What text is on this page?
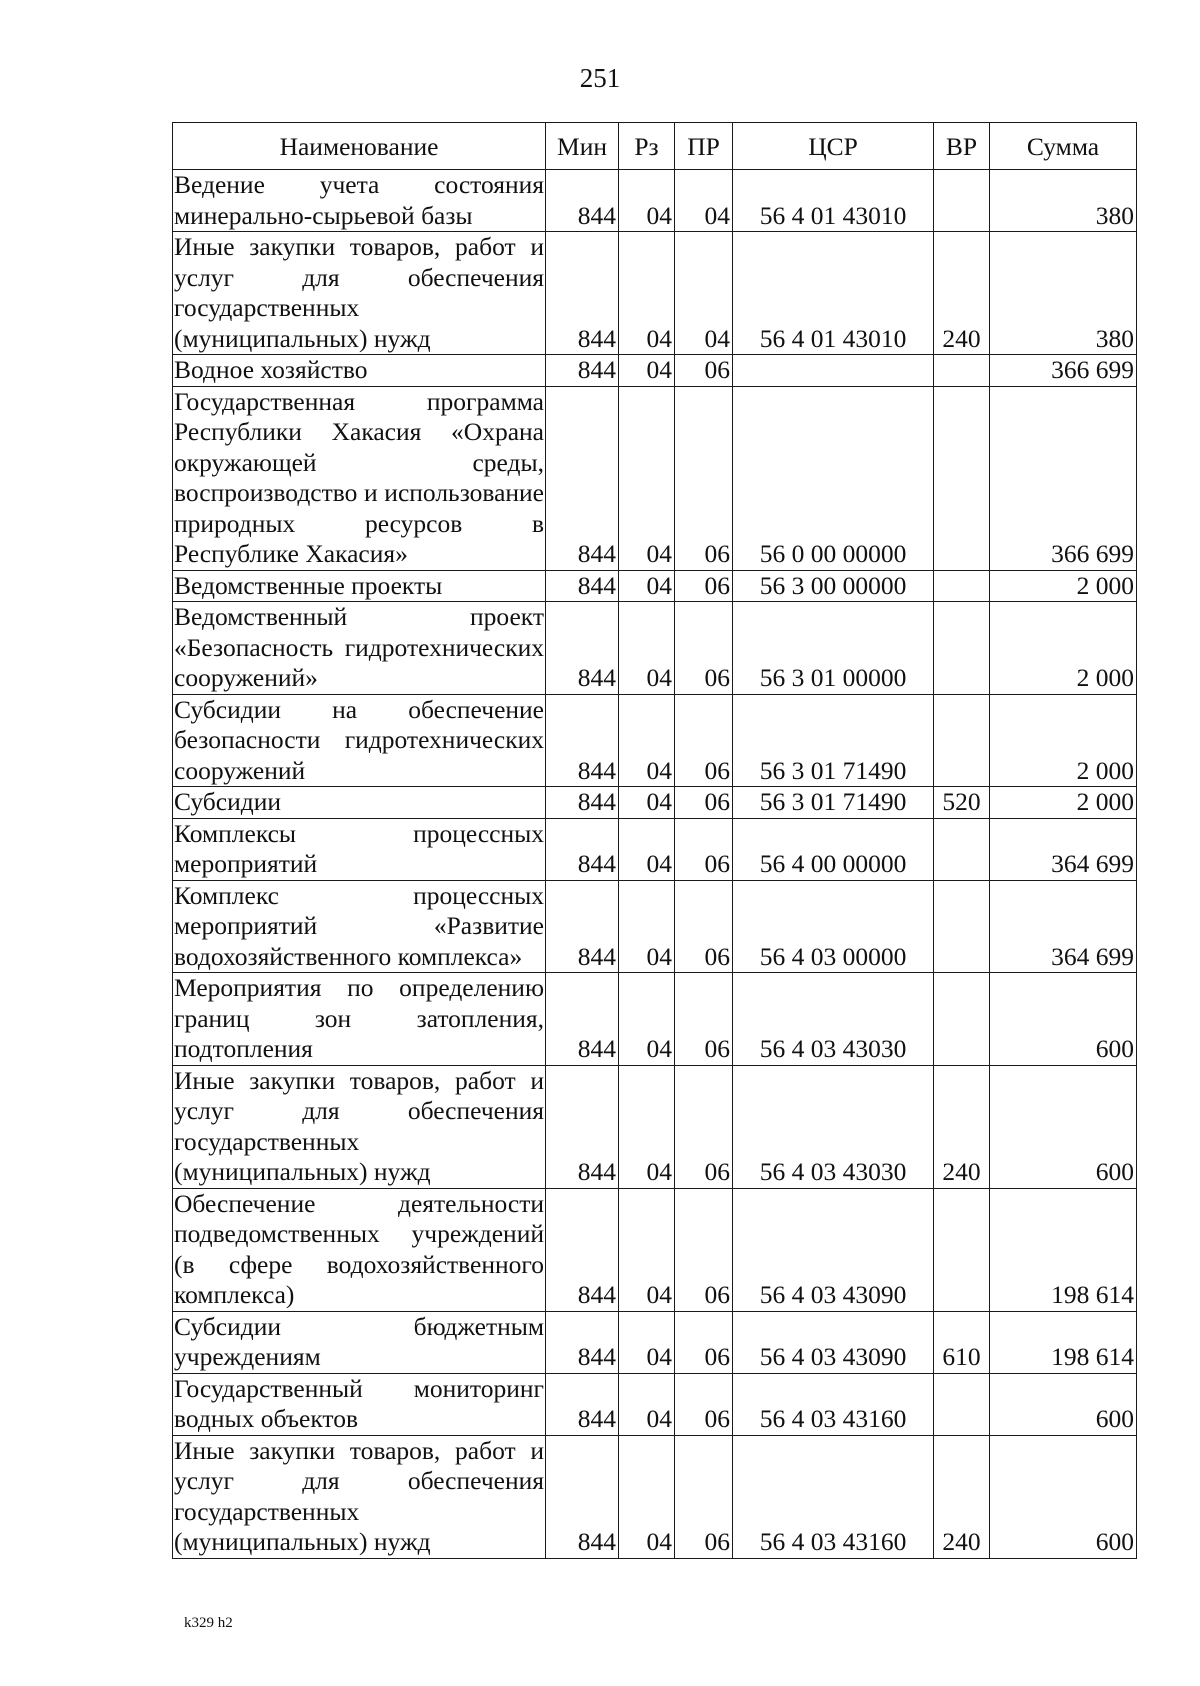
251
Наименование	Мин	Рз	ПР	ЦСР	ВР	Сумма
Ведение учета состояния минерально-сырьевой базы	844	04	04	56 4 01 43010		380
Иные закупки товаров, работ и услуг для обеспечения государственных (муниципальных) нужд	844	04	04	56 4 01 43010	240	380
Водное хозяйство	844	04	06			366 699
Государственная программа Республики Хакасия «Охрана окружающей среды, воспроизводство и использование природных ресурсов в Республике Хакасия»	844	04	06	56 0 00 00000		366 699
Ведомственные проекты	844	04	06	56 3 00 00000		2 000
Ведомственный проект «Безопасность гидротехнических сооружений»	844	04	06	56 3 01 00000		2 000
Субсидии на обеспечение безопасности гидротехнических сооружений	844	04	06	56 3 01 71490		2 000
Субсидии	844	04	06	56 3 01 71490	520	2 000
Комплексы процессных мероприятий	844	04	06	56 4 00 00000		364 699
Комплекс процессных мероприятий «Развитие водохозяйственного комплекса»	844	04	06	56 4 03 00000		364 699
Мероприятия по определению границ зон затопления, подтопления	844	04	06	56 4 03 43030		600
Иные закупки товаров, работ и услуг для обеспечения государственных (муниципальных) нужд	844	04	06	56 4 03 43030	240	600
Обеспечение деятельности подведомственных учреждений (в сфере водохозяйственного комплекса)	844	04	06	56 4 03 43090		198 614
Субсидии бюджетным учреждениям	844	04	06	56 4 03 43090	610	198 614
Государственный мониторинг водных объектов	844	04	06	56 4 03 43160		600
Иные закупки товаров, работ и услуг для обеспечения государственных (муниципальных) нужд	844	04	06	56 4 03 43160	240	600
k329 h2
